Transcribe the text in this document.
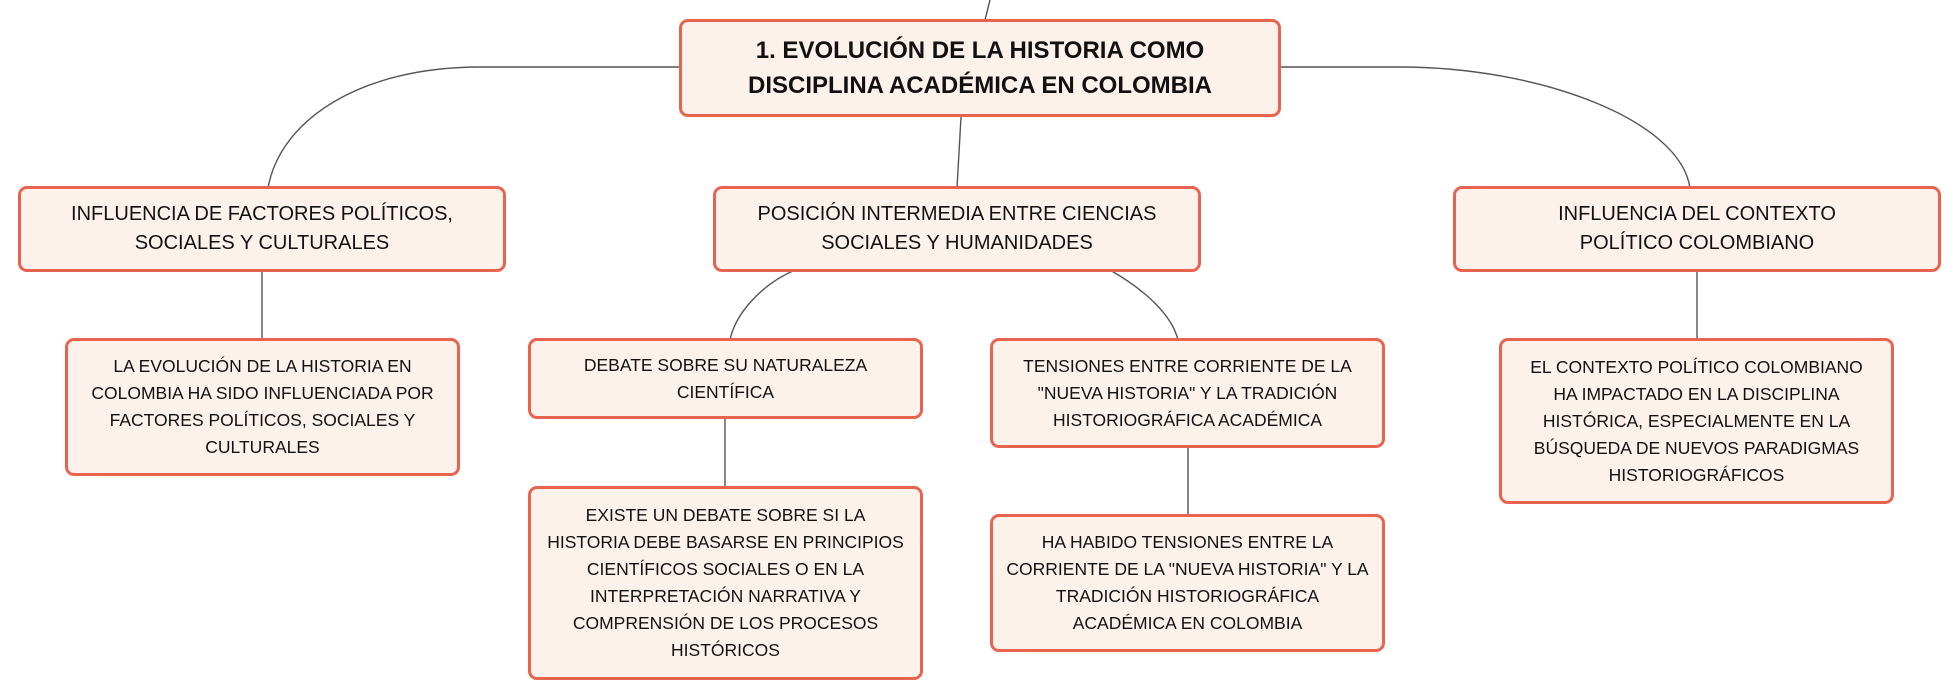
1. EVOLUCIÓN DE LA HISTORIA COMO DISCIPLINA ACADÉMICA EN COLOMBIA
INFLUENCIA DE FACTORES POLÍTICOS, SOCIALES Y CULTURALES
POSICIÓN INTERMEDIA ENTRE CIENCIAS SOCIALES Y HUMANIDADES
INFLUENCIA DEL CONTEXTO POLÍTICO COLOMBIANO
LA EVOLUCIÓN DE LA HISTORIA EN COLOMBIA HA SIDO INFLUENCIADA POR FACTORES POLÍTICOS, SOCIALES Y CULTURALES
DEBATE SOBRE SU NATURALEZA CIENTÍFICA
TENSIONES ENTRE CORRIENTE DE LA "NUEVA HISTORIA" Y LA TRADICIÓN HISTORIOGRÁFICA ACADÉMICA
EXISTE UN DEBATE SOBRE SI LA HISTORIA DEBE BASARSE EN PRINCIPIOS CIENTÍFICOS SOCIALES O EN LA INTERPRETACIÓN NARRATIVA Y COMPRENSIÓN DE LOS PROCESOS HISTÓRICOS
HA HABIDO TENSIONES ENTRE LA CORRIENTE DE LA "NUEVA HISTORIA" Y LA TRADICIÓN HISTORIOGRÁFICA ACADÉMICA EN COLOMBIA
EL CONTEXTO POLÍTICO COLOMBIANO HA IMPACTADO EN LA DISCIPLINA HISTÓRICA, ESPECIALMENTE EN LA BÚSQUEDA DE NUEVOS PARADIGMAS HISTORIOGRÁFICOS
